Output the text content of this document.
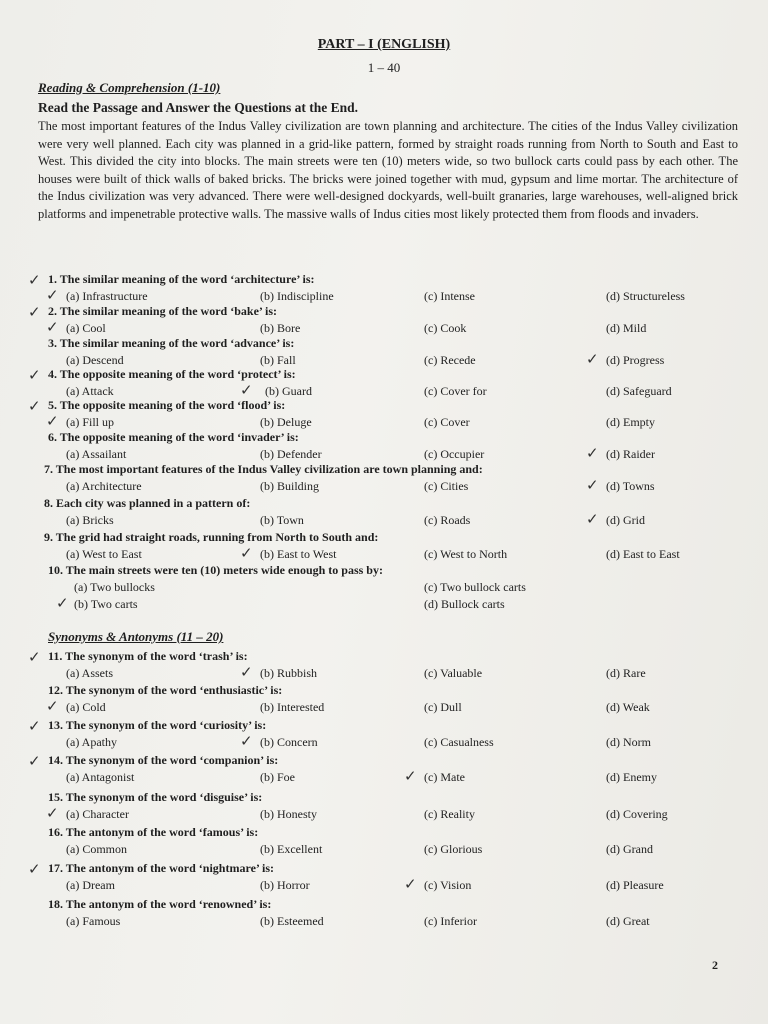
PART – I (ENGLISH)
1 – 40
Reading & Comprehension (1-10)
Read the Passage and Answer the Questions at the End.

The most important features of the Indus Valley civilization are town planning and architecture. The cities of the Indus Valley civilization were very well planned. Each city was planned in a grid-like pattern, formed by straight roads running from North to South and East to West. This divided the city into blocks. The main streets were ten (10) meters wide, so two bullock carts could pass by each other. The houses were built of thick walls of baked bricks. The bricks were joined together with mud, gypsum and lime mortar. The architecture of the Indus civilization was very advanced. There were well-designed dockyards, well-built granaries, large warehouses, well-aligned brick platforms and impenetrable protective walls. The massive walls of Indus cities most likely protected them from floods and invaders.

1. The similar meaning of the word ‘architecture’ is:
(a) Infrastructure	(b) Indiscipline	(c) Intense	(d) Structureless
✓
✓
2. The similar meaning of the word ‘bake’ is:
(a) Cool	(b) Bore	(c) Cook	(d) Mild
✓
✓
3. The similar meaning of the word ‘advance’ is:
(a) Descend	(b) Fall	(c) Recede	(d) Progress
✓
4. The opposite meaning of the word ‘protect’ is:
(a) Attack	(b) Guard	(c) Cover for	(d) Safeguard
✓
✓
5. The opposite meaning of the word ‘flood’ is:
(a) Fill up	(b) Deluge	(c) Cover	(d) Empty
✓
✓
6. The opposite meaning of the word ‘invader’ is:
(a) Assailant	(b) Defender	(c) Occupier	(d) Raider
✓
7. The most important features of the Indus Valley civilization are town planning and:
(a) Architecture	(b) Building	(c) Cities	(d) Towns
✓
8. Each city was planned in a pattern of:
(a) Bricks	(b) Town	(c) Roads	(d) Grid
✓
9. The grid had straight roads, running from North to South and:
(a) West to East	(b) East to West	(c) West to North	(d) East to East
✓
10. The main streets were ten (10) meters wide enough to pass by:
(a) Two bullocks
(b) Two carts
(c) Two bullock carts
(d) Bullock carts
✓
11. The synonym of the word ‘trash’ is:
(a) Assets	(b) Rubbish	(c) Valuable	(d) Rare
✓
✓
12. The synonym of the word ‘enthusiastic’ is:
(a) Cold	(b) Interested	(c) Dull	(d) Weak
✓
13. The synonym of the word ‘curiosity’ is:
(a) Apathy	(b) Concern	(c) Casualness	(d) Norm
✓
✓
14. The synonym of the word ‘companion’ is:
(a) Antagonist	(b) Foe	(c) Mate	(d) Enemy
✓
✓
15. The synonym of the word ‘disguise’ is:
(a) Character	(b) Honesty	(c) Reality	(d) Covering
✓
16. The antonym of the word ‘famous’ is:
(a) Common	(b) Excellent	(c) Glorious	(d) Grand
17. The antonym of the word ‘nightmare’ is:
(a) Dream	(b) Horror	(c) Vision	(d) Pleasure
✓
✓
18. The antonym of the word ‘renowned’ is:
(a) Famous	(b) Esteemed	(c) Inferior	(d) Great
Synonyms & Antonyms (11 – 20)
2
